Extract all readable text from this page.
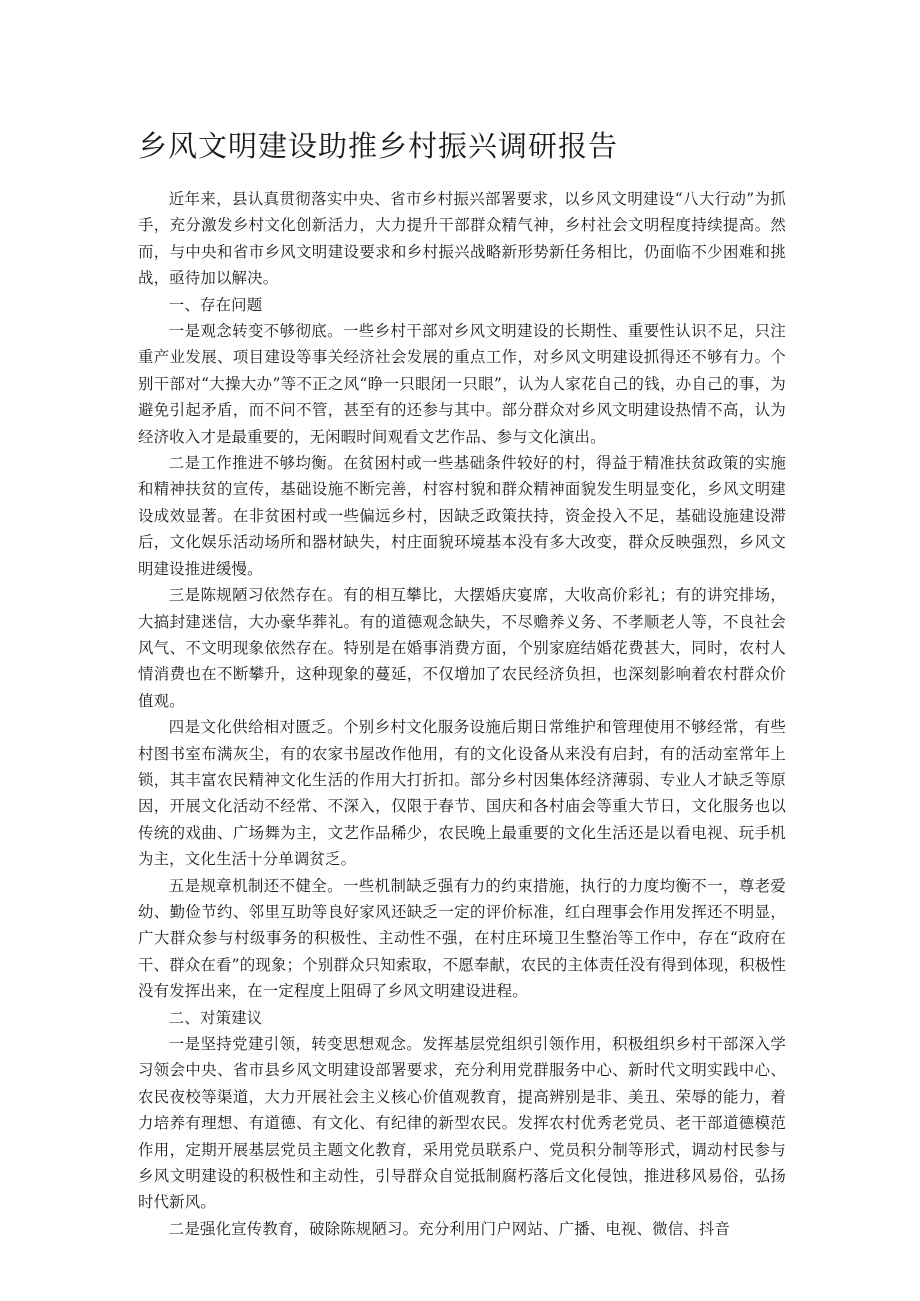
乡风文明建设助推乡村振兴调研报告

近年来，县认真贯彻落实中央、省市乡村振兴部署要求，以乡风文明建设“八大行动”为抓手，充分激发乡村文化创新活力，大力提升干部群众精气神，乡村社会文明程度持续提高。然而，与中央和省市乡风文明建设要求和乡村振兴战略新形势新任务相比，仍面临不少困难和挑战，亟待加以解决。

一、存在问题

一是观念转变不够彻底。一些乡村干部对乡风文明建设的长期性、重要性认识不足，只注重产业发展、项目建设等事关经济社会发展的重点工作，对乡风文明建设抓得还不够有力。个别干部对“大操大办”等不正之风“睁一只眼闭一只眼”，认为人家花自己的钱，办自己的事，为避免引起矛盾，而不问不管，甚至有的还参与其中。部分群众对乡风文明建设热情不高，认为经济收入才是最重要的，无闲暇时间观看文艺作品、参与文化演出。

二是工作推进不够均衡。在贫困村或一些基础条件较好的村，得益于精准扶贫政策的实施和精神扶贫的宣传，基础设施不断完善，村容村貌和群众精神面貌发生明显变化，乡风文明建设成效显著。在非贫困村或一些偏远乡村，因缺乏政策扶持，资金投入不足，基础设施建设滞后，文化娱乐活动场所和器材缺失，村庄面貌环境基本没有多大改变，群众反映强烈，乡风文明建设推进缓慢。

三是陈规陋习依然存在。有的相互攀比，大摆婚庆宴席，大收高价彩礼；有的讲究排场，大搞封建迷信，大办豪华葬礼。有的道德观念缺失，不尽赡养义务、不孝顺老人等，不良社会风气、不文明现象依然存在。特别是在婚事消费方面，个别家庭结婚花费甚大，同时，农村人情消费也在不断攀升，这种现象的蔓延，不仅增加了农民经济负担，也深刻影响着农村群众价值观。

四是文化供给相对匮乏。个别乡村文化服务设施后期日常维护和管理使用不够经常，有些村图书室布满灰尘，有的农家书屋改作他用，有的文化设备从来没有启封，有的活动室常年上锁，其丰富农民精神文化生活的作用大打折扣。部分乡村因集体经济薄弱、专业人才缺乏等原因，开展文化活动不经常、不深入，仅限于春节、国庆和各村庙会等重大节日，文化服务也以传统的戏曲、广场舞为主，文艺作品稀少，农民晚上最重要的文化生活还是以看电视、玩手机为主，文化生活十分单调贫乏。

五是规章机制还不健全。一些机制缺乏强有力的约束措施，执行的力度均衡不一，尊老爱幼、勤俭节约、邻里互助等良好家风还缺乏一定的评价标准，红白理事会作用发挥还不明显，广大群众参与村级事务的积极性、主动性不强，在村庄环境卫生整治等工作中，存在“政府在干、群众在看”的现象；个别群众只知索取，不愿奉献，农民的主体责任没有得到体现，积极性没有发挥出来，在一定程度上阻碍了乡风文明建设进程。

二、对策建议

一是坚持党建引领，转变思想观念。发挥基层党组织引领作用，积极组织乡村干部深入学习领会中央、省市县乡风文明建设部署要求，充分利用党群服务中心、新时代文明实践中心、农民夜校等渠道，大力开展社会主义核心价值观教育，提高辨别是非、美丑、荣辱的能力，着力培养有理想、有道德、有文化、有纪律的新型农民。发挥农村优秀老党员、老干部道德模范作用，定期开展基层党员主题文化教育，采用党员联系户、党员积分制等形式，调动村民参与乡风文明建设的积极性和主动性，引导群众自觉抵制腐朽落后文化侵蚀，推进移风易俗，弘扬时代新风。

二是强化宣传教育，破除陈规陋习。充分利用门户网站、广播、电视、微信、抖音
